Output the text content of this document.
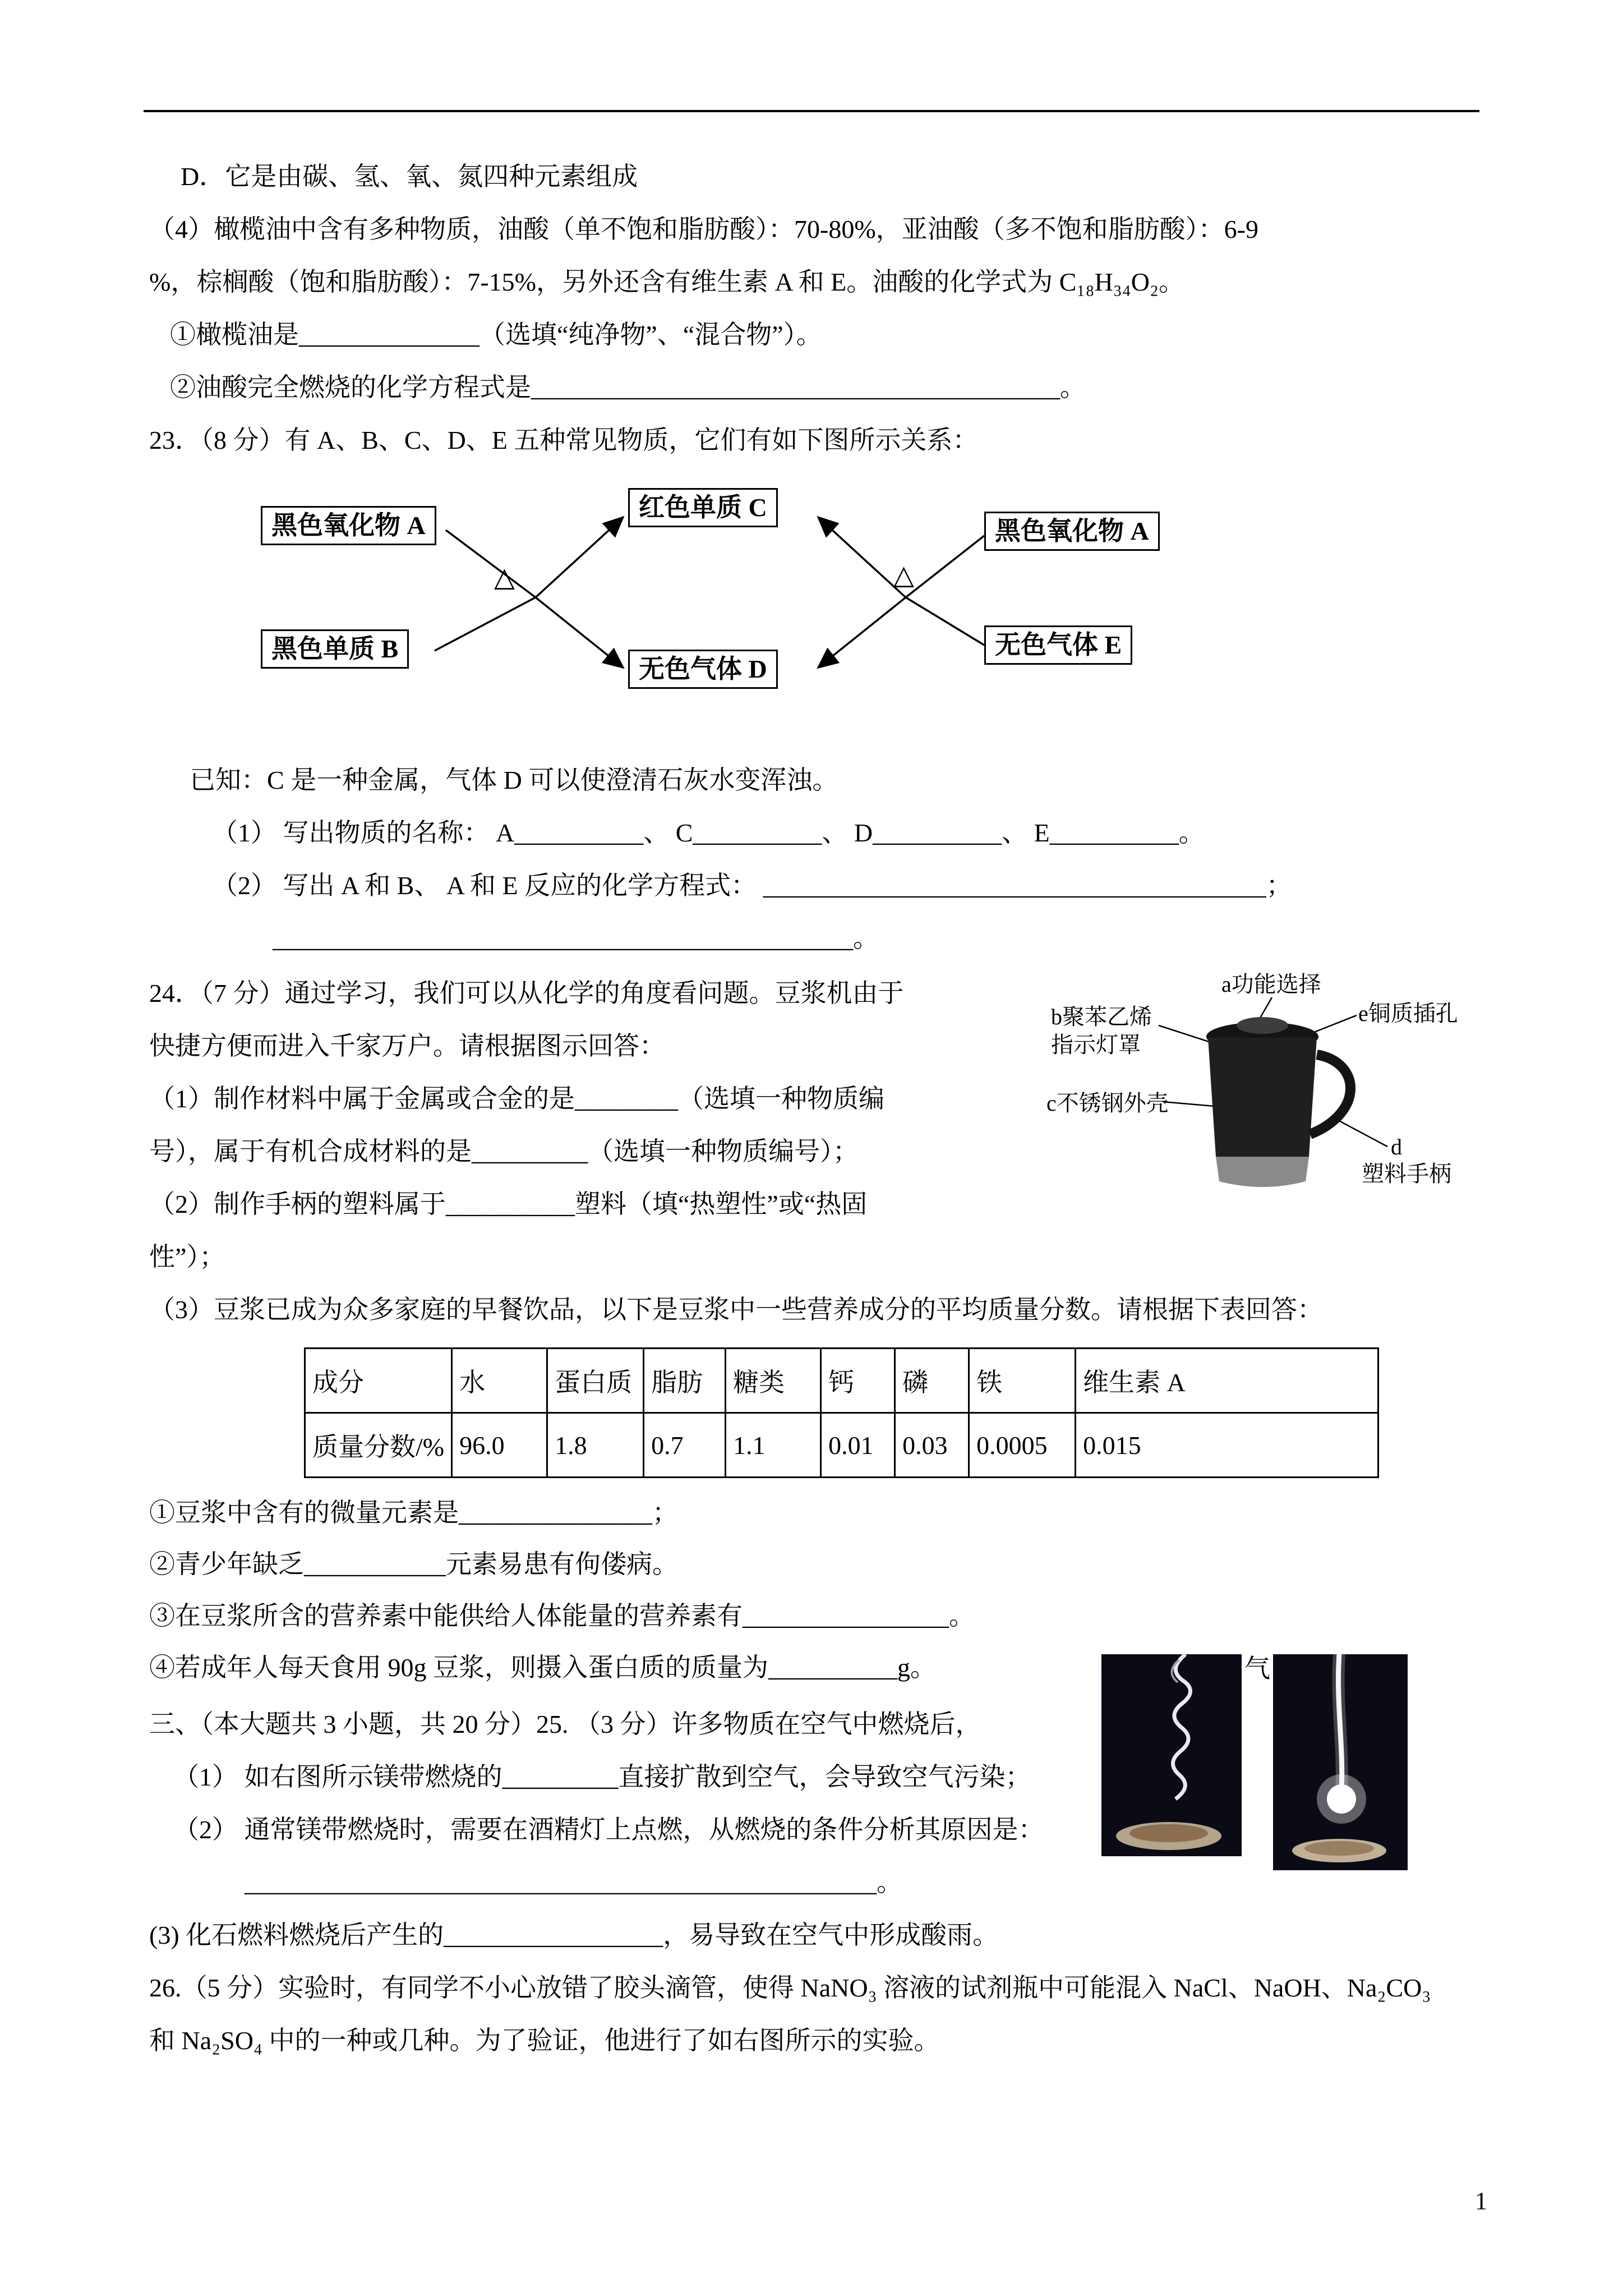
D．它是由碳、氢、氧、氮四种元素组成

（4）橄榄油中含有多种物质，油酸（单不饱和脂肪酸）：70-80%，亚油酸（多不饱和脂肪酸）：6-9

%，棕榈酸（饱和脂肪酸）：7-15%，另外还含有维生素 A 和 E。油酸的化学式为 C₁₈H₃₄O₂。

①橄榄油是______________（选填“纯净物”、“混合物”）。

②油酸完全燃烧的化学方程式是_________________________________________。

23．（8 分）有 A、B、C、D、E 五种常见物质，它们有如下图所示关系：

黑色氧化物 A
黑色单质 B
红色单质 C
无色气体 D
黑色氧化物 A
无色气体 E
△	△

已知：C 是一种金属，气体 D 可以使澄清石灰水变浑浊。

（1） 写出物质的名称： A__________、 C__________、 D__________、 E__________。

（2） 写出 A 和 B、 A 和 E 反应的化学方程式： _______________________________________；

_____________________________________________。

24．（7 分）通过学习，我们可以从化学的角度看问题。豆浆机由于

快捷方便而进入千家万户。请根据图示回答：

（1）制作材料中属于金属或合金的是________（选填一种物质编

号），属于有机合成材料的是_________（选填一种物质编号）；

（2）制作手柄的塑料属于__________塑料（填“热塑性”或“热固

性”）；

a功能选择
e铜质插孔
b聚苯乙烯
指示灯罩
c不锈钢外壳
d
塑料手柄

（3）豆浆已成为众多家庭的早餐饮品，以下是豆浆中一些营养成分的平均质量分数。请根据下表回答：

成分	水	蛋白质	脂肪	糖类	钙	磷	铁	维生素 A
质量分数/%	96.0	1.8	0.7	1.1	0.01	0.03	0.0005	0.015

①豆浆中含有的微量元素是_______________；

②青少年缺乏___________元素易患有佝偻病。

③在豆浆所含的营养素中能供给人体能量的营养素有________________。

④若成年人每天食用 90g 豆浆，则摄入蛋白质的质量为__________g。

三、（本大题共 3 小题，共 20 分）25. （3 分）许多物质在空气中燃烧后，

（1） 如右图所示镁带燃烧的_________直接扩散到空气，会导致空气污染；

（2） 通常镁带燃烧时，需要在酒精灯上点燃，从燃烧的条件分析其原因是：

_________________________________________________。

(3) 化石燃料燃烧后产生的_________________，易导致在空气中形成酸雨。

气

26.（5 分）实验时，有同学不小心放错了胶头滴管，使得 NaNO₃ 溶液的试剂瓶中可能混入 NaCl、NaOH、Na₂CO₃

和 Na₂SO₄ 中的一种或几种。为了验证，他进行了如右图所示的实验。

1
